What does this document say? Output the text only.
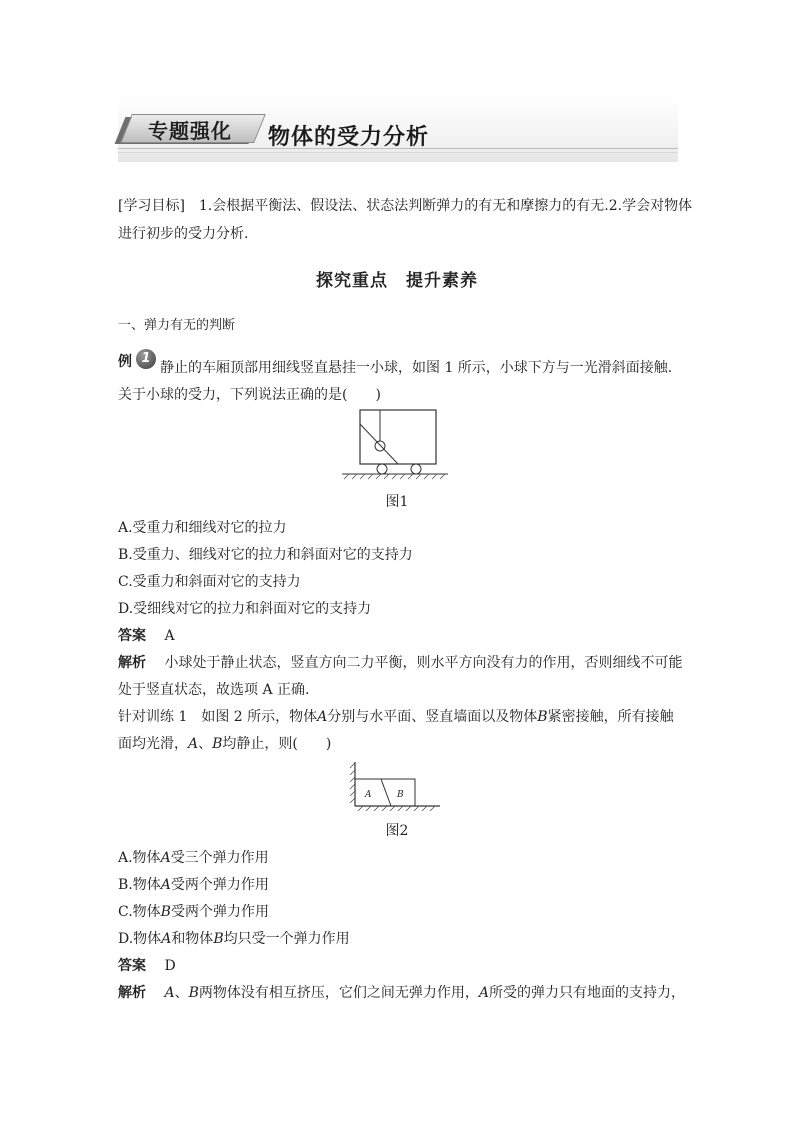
专题强化 物体的受力分析
[学习目标]　1.会根据平衡法、假设法、状态法判断弹力的有无和摩擦力的有无.2.学会对物体
进行初步的受力分析.
探究重点　提升素养
一、弹力有无的判断
例 1
静止的车厢顶部用细线竖直悬挂一小球，如图 1 所示，小球下方与一光滑斜面接触.
关于小球的受力，下列说法正确的是(　　)
图1
A.受重力和细线对它的拉力
B.受重力、细线对它的拉力和斜面对它的支持力
C.受重力和斜面对它的支持力
D.受细线对它的拉力和斜面对它的支持力
答案　 A
解析　 小球处于静止状态，竖直方向二力平衡，则水平方向没有力的作用，否则细线不可能
处于竖直状态，故选项 A 正确.
针对训练 1　如图 2 所示，物体A分别与水平面、竖直墙面以及物体B紧密接触，所有接触
面均光滑，A、B均静止，则(　　)
A	B
图2
A.物体A受三个弹力作用
B.物体A受两个弹力作用
C.物体B受两个弹力作用
D.物体A和物体B均只受一个弹力作用
答案　 D
解析　 A、B两物体没有相互挤压，它们之间无弹力作用，A所受的弹力只有地面的支持力，
